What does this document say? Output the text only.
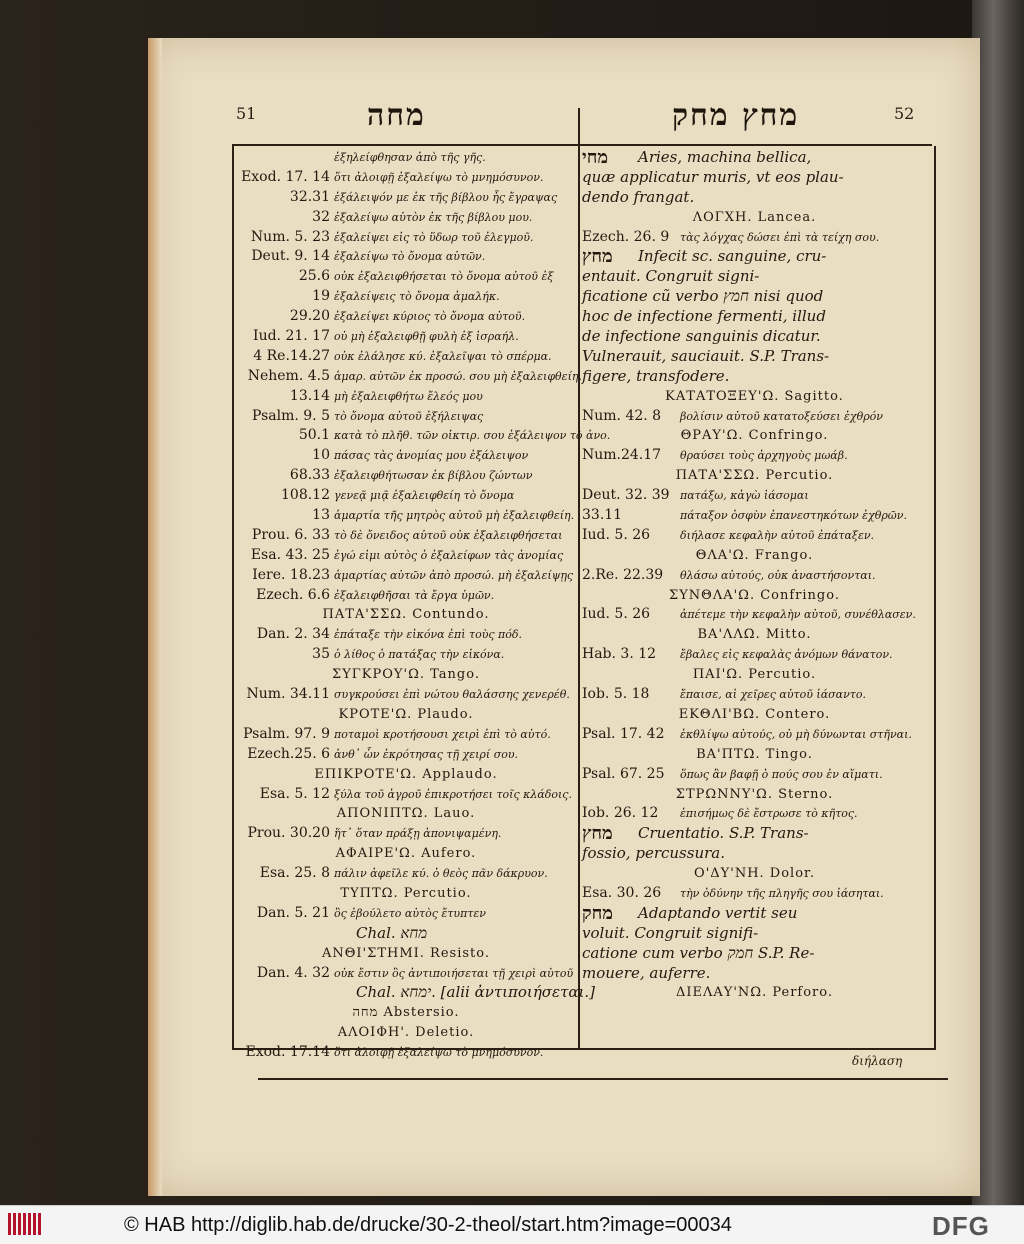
51	מחה	מחץ מחק	52
διήλαση
ἐξηλείφθησαν ἀπὸ τῆς γῆς.
Exod. 17. 14 ὅτι ἀλοιφῇ ἐξαλείψω τὸ μνημόσυνον.
32.31 ἐξάλειψόν με ἐκ τῆς βίβλου ἧς ἔγραψας
32 ἐξαλείψω αὐτὸν ἐκ τῆς βίβλου μου.
Num. 5. 23 ἐξαλείψει εἰς τὸ ὕδωρ τοῦ ἐλεγμοῦ.
Deut. 9. 14 ἐξαλείψω τὸ ὄνομα αὐτῶν.
25.6 οὐκ ἐξαλειφθήσεται τὸ ὄνομα αὐτοῦ ἐξ
19 ἐξαλείψεις τὸ ὄνομα ἀμαλήκ.
29.20 ἐξαλείψει κύριος τὸ ὄνομα αὐτοῦ.
Iud. 21. 17 οὐ μὴ ἐξαλειφθῇ φυλὴ ἐξ ἰσραήλ.
4 Re.14.27 οὐκ ἐλάλησε κύ. ἐξαλεῖψαι τὸ σπέρμα.
Nehem. 4.5 ἁμαρ. αὐτῶν ἐκ προσώ. σου μὴ ἐξαλειφθείη.
13.14 μὴ ἐξαλειφθήτω ἔλεός μου
Psalm. 9. 5 τὸ ὄνομα αὐτοῦ ἐξήλειψας
50.1 κατὰ τὸ πλῆθ. τῶν οἰκτιρ. σου ἐξάλειψον τὸ ἀνο.
10 πάσας τὰς ἀνομίας μου ἐξάλειψον
68.33 ἐξαλειφθήτωσαν ἐκ βίβλου ζώντων
108.12 γενεᾷ μιᾷ ἐξαλειφθείη τὸ ὄνομα
13 ἁμαρτία τῆς μητρὸς αὐτοῦ μὴ ἐξαλειφθείη.
Prou. 6. 33 τὸ δὲ ὄνειδος αὐτοῦ οὐκ ἐξαλειφθήσεται
Esa. 43. 25 ἐγώ εἰμι αὐτὸς ὁ ἐξαλείφων τὰς ἀνομίας
Iere. 18.23 ἁμαρτίας αὐτῶν ἀπὸ προσώ. μὴ ἐξαλείψῃς
Ezech. 6.6 ἐξαλειφθῆσαι τὰ ἔργα ὑμῶν.
ΠΑΤΑ'ΣΣΩ. Contundo.
Dan. 2. 34 ἐπάταξε τὴν εἰκόνα ἐπὶ τοὺς πόδ.
35 ὁ λίθος ὁ πατάξας τὴν εἰκόνα.
ΣΥΓΚΡΟΥ'Ω. Tango.
Num. 34.11 συγκρούσει ἐπὶ νώτου θαλάσσης χενερέθ.
ΚΡΟΤΕ'Ω. Plaudo.
Psalm. 97. 9 ποταμοὶ κροτήσουσι χειρὶ ἐπὶ τὸ αὐτό.
Ezech.25. 6 ἀνθ᾽ ὧν ἐκρότησας τῇ χειρί σου.
ΕΠΙΚΡΟΤΕ'Ω. Applaudo.
Esa. 5. 12 ξύλα τοῦ ἀγροῦ ἐπικροτήσει τοῖς κλάδοις.
ΑΠΟΝΙΠΤΩ. Lauo.
Prou. 30.20 ἥτ᾽ ὅταν πράξῃ ἀπονιψαμένη.
ΑΦΑΙΡΕ'Ω. Aufero.
Esa. 25. 8 πάλιν ἀφεῖλε κύ. ὁ θεὸς πᾶν δάκρυον.
ΤΥΠΤΩ. Percutio.
Dan. 5. 21 ὃς ἐβούλετο αὐτὸς ἔτυπτεν
Chal. מחא
ΑΝΘΙ'ΣΤΗΜΙ. Resisto.
Dan. 4. 32 οὐκ ἔστιν ὃς ἀντιποιήσεται τῇ χειρὶ αὐτοῦ
Chal. ימחא. [alii ἀντιποιήσεται.]
מחה Abstersio.
ΑΛΟΙΦΗ'. Deletio.
Exod. 17.14 ὅτι ἀλοιφῇ ἐξαλείψω τὸ μνημόσυνον.
מחי Aries, machina bellica,
quæ applicatur muris, vt eos plau-
dendo frangat.
ΛΟΓΧΗ. Lancea.
Ezech. 26. 9 τὰς λόγχας δώσει ἐπὶ τὰ τείχη σου.
מחץ Infecit sc. sanguine, cru-
entauit. Congruit signi-
ficatione cũ verbo חמץ nisi quod
hoc de infectione fermenti, illud
de infectione sanguinis dicatur.
Vulnerauit, sauciauit. S.P. Trans-
figere, transfodere.
ΚΑΤΑΤΟΞΕΥ'Ω. Sagitto.
Num. 42. 8	βολίσιν αὐτοῦ κατατοξεύσει ἐχθρόν
ΘΡΑΥ'Ω. Confringo.
Num.24.17	θραύσει τοὺς ἀρχηγοὺς μωάβ.
ΠΑΤΑ'ΣΣΩ. Percutio.
Deut. 32. 39 πατάξω, κἀγὼ ἰάσομαι
33.11	πάταξον ὀσφὺν ἐπανεστηκότων ἐχθρῶν.
Iud. 5. 26	διήλασε κεφαλὴν αὐτοῦ ἐπάταξεν.
ΘΛΑ'Ω. Frango.
2.Re. 22.39	θλάσω αὐτούς, οὐκ ἀναστήσονται.
ΣΥΝΘΛΑ'Ω. Confringo.
Iud. 5. 26	ἀπέτεμε τὴν κεφαλὴν αὐτοῦ, συνέθλασεν.
ΒΑ'ΛΛΩ. Mitto.
Hab. 3. 12	ἔβαλες εἰς κεφαλὰς ἀνόμων θάνατον.
ΠΑΙ'Ω. Percutio.
Iob. 5. 18	ἔπαισε, αἱ χεῖρες αὐτοῦ ἰάσαντο.
ΕΚΘΛΙ'ΒΩ. Contero.
Psal. 17. 42	ἐκθλίψω αὐτούς, οὐ μὴ δύνωνται στῆναι.
ΒΑ'ΠΤΩ. Tingo.
Psal. 67. 25	ὅπως ἂν βαφῇ ὁ πούς σου ἐν αἵματι.
ΣΤΡΩΝΝΥ'Ω. Sterno.
Iob. 26. 12	ἐπισήμως δὲ ἔστρωσε τὸ κῆτος.
מחץ Cruentatio. S.P. Trans-
fossio, percussura.
Ο'ΔΥ'ΝΗ. Dolor.
Esa. 30. 26	τὴν ὀδύνην τῆς πληγῆς σου ἰάσηται.
מחק Adaptando vertit seu
voluit. Congruit signifi-
catione cum verbo חמק S.P. Re-
mouere, auferre.
ΔΙΕΛΑΥ'ΝΩ. Perforo.
© HAB http://diglib.hab.de/drucke/30-2-theol/start.htm?image=00034	DFG
